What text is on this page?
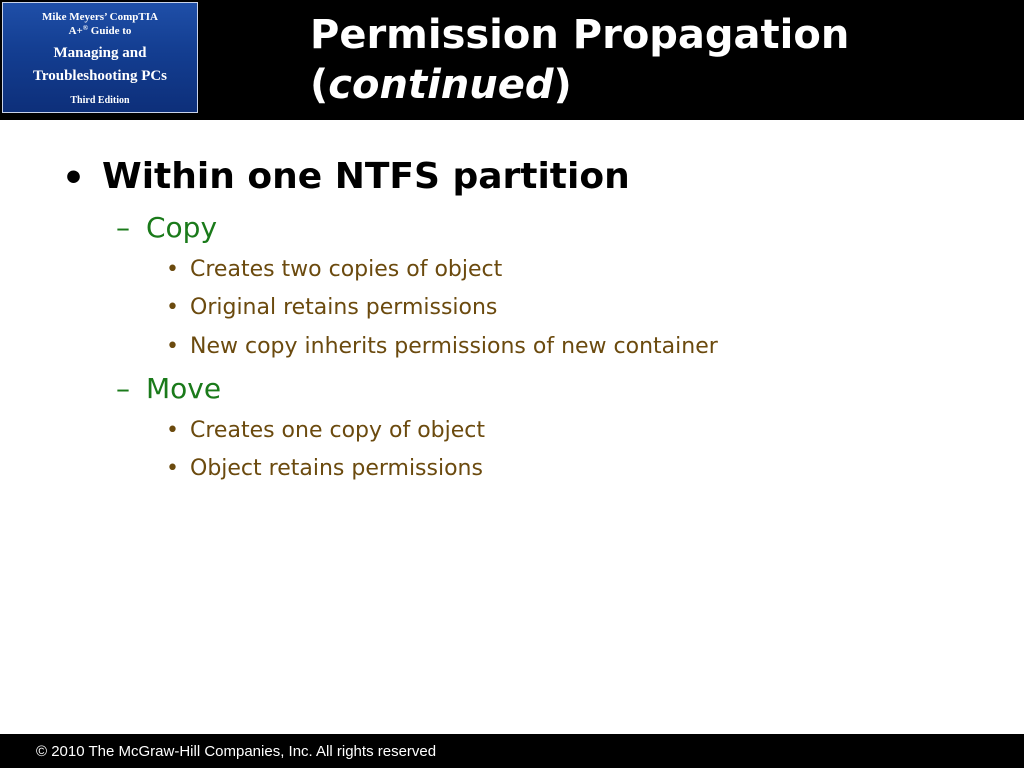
Mike Meyers’ CompTIA
A+® Guide to
Managing and
Troubleshooting PCs
Third Edition
Permission Propagation
(continued)
• Within one NTFS partition
– Copy
• Creates two copies of object
• Original retains permissions
• New copy inherits permissions of new container
– Move
• Creates one copy of object
• Object retains permissions
© 2010 The McGraw-Hill Companies, Inc. All rights reserved
